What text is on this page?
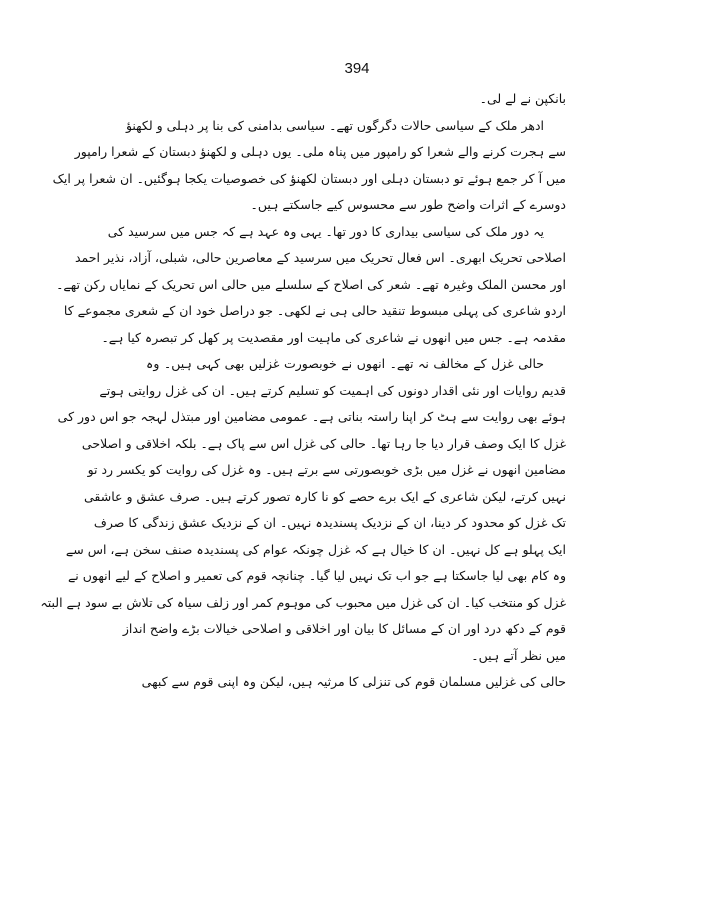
394
بانکپن نے لے لی۔
ادھر ملک کے سیاسی حالات دگرگوں تھے۔ سیاسی بدامنی کی بنا پر دہلی و لکھنؤ
سے ہجرت کرنے والے شعرا کو رامپور میں پناہ ملی۔ یوں دہلی و لکھنؤ دبستان کے شعرا رامپور
میں آ کر جمع ہوئے تو دبستان دہلی اور دبستان لکھنؤ کی خصوصیات یکجا ہوگئیں۔ ان شعرا پر ایک
دوسرے کے اثرات واضح طور سے محسوس کیے جاسکتے ہیں۔
یہ دور ملک کی سیاسی بیداری کا دور تھا۔ یہی وہ عہد ہے کہ جس میں سرسید کی
اصلاحی تحریک ابھری۔ اس فعال تحریک میں سرسید کے معاصرین حالی، شبلی، آزاد، نذیر احمد
اور محسن الملک وغیرہ تھے۔ شعر کی اصلاح کے سلسلے میں حالی اس تحریک کے نمایاں رکن تھے۔
اردو شاعری کی پہلی مبسوط تنقید حالی ہی نے لکھی۔ جو دراصل خود ان کے شعری مجموعے کا
مقدمہ ہے۔ جس میں انھوں نے شاعری کی ماہیت اور مقصدیت پر کھل کر تبصرہ کیا ہے۔
حالی غزل کے مخالف نہ تھے۔ انھوں نے خوبصورت غزلیں بھی کہی ہیں۔ وہ
قدیم روایات اور نئی اقدار دونوں کی اہمیت کو تسلیم کرتے ہیں۔ ان کی غزل روایتی ہوتے
ہوئے بھی روایت سے ہٹ کر اپنا راستہ بناتی ہے۔ عمومی مضامین اور مبتذل لہجہ جو اس دور کی
غزل کا ایک وصف قرار دیا جا رہا تھا۔ حالی کی غزل اس سے پاک ہے۔ بلکہ اخلاقی و اصلاحی
مضامین انھوں نے غزل میں بڑی خوبصورتی سے برتے ہیں۔ وہ غزل کی روایت کو یکسر رد تو
نہیں کرتے، لیکن شاعری کے ایک برے حصے کو نا کارہ تصور کرتے ہیں۔ صرف عشق و عاشقی
تک غزل کو محدود کر دینا، ان کے نزدیک پسندیدہ نہیں۔ ان کے نزدیک عشق زندگی کا صرف
ایک پہلو ہے کل نہیں۔ ان کا خیال ہے کہ غزل چونکہ عوام کی پسندیدہ صنف سخن ہے، اس سے
وہ کام بھی لیا جاسکتا ہے جو اب تک نہیں لیا گیا۔ چنانچہ قوم کی تعمیر و اصلاح کے لیے انھوں نے
غزل کو منتخب کیا۔ ان کی غزل میں محبوب کی موہوم کمر اور زلف سیاہ کی تلاش بے سود ہے البتہ
قوم کے دکھ درد اور ان کے مسائل کا بیان اور اخلاقی و اصلاحی خیالات بڑے واضح انداز
میں نظر آتے ہیں۔
حالی کی غزلیں مسلمان قوم کی تنزلی کا مرثیہ ہیں، لیکن وہ اپنی قوم سے کبھی
